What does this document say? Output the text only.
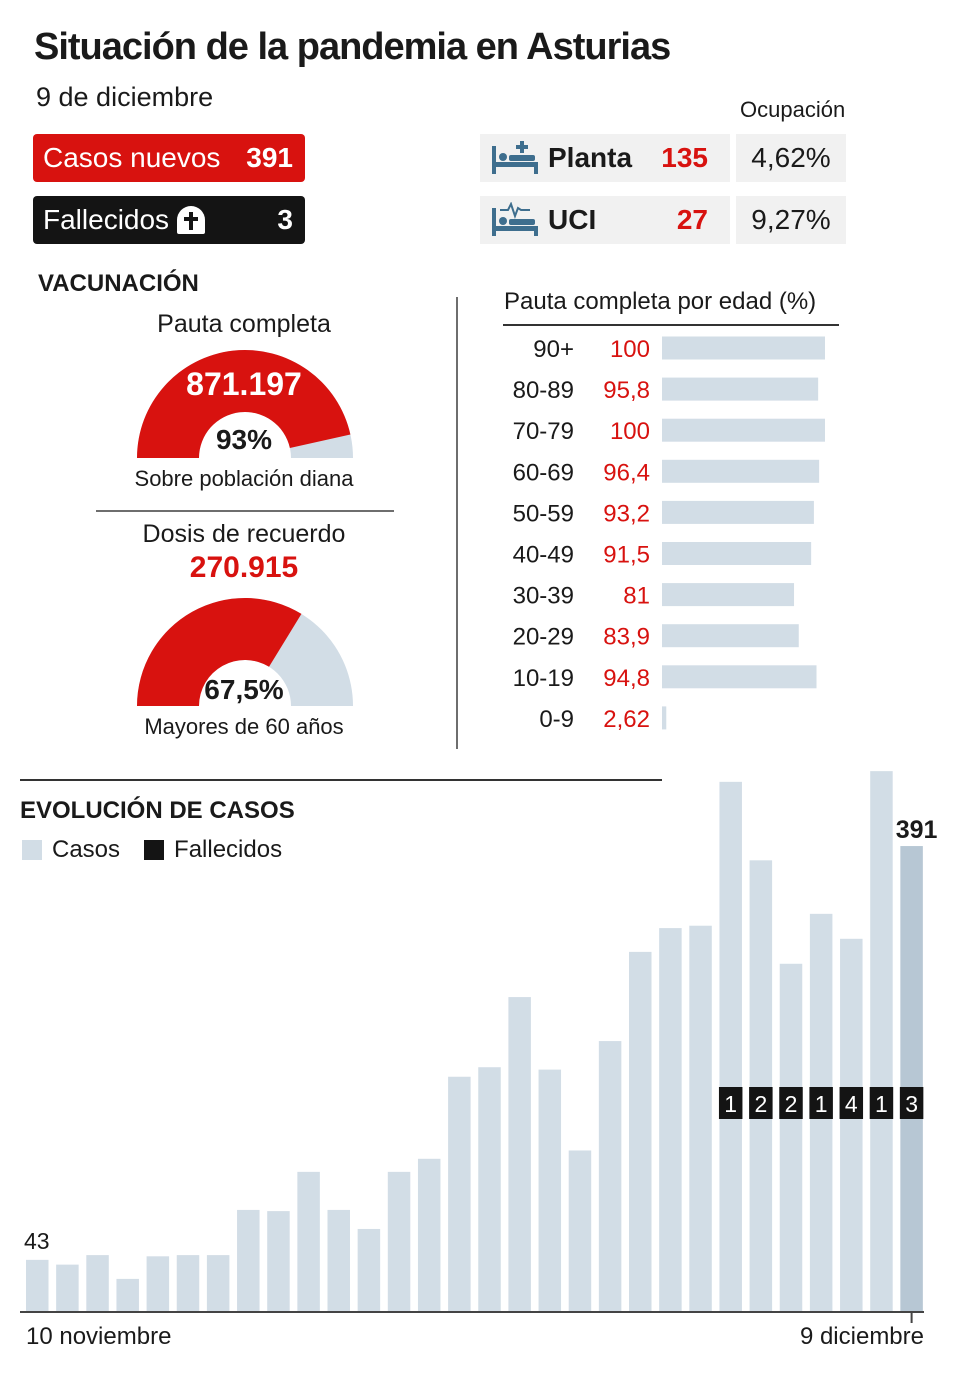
Situación de la pandemia en Asturias
9 de diciembre	Ocupación
Casos nuevos 391
Fallecidos	3
Planta 135	4,62%
UCI	27	9,27%
VACUNACIÓN
Pauta completa
871.197
93%
Sobre población diana
Dosis de recuerdo
270.915
67,5%
Mayores de 60 años
Pauta completa por edad (%)
90+ 100
80-89 95,8
70-79 100
60-69 96,4
50-59 93,2
40-49 91,5
30-39 81
20-29 83,9
10-19 94,8
0-9 2,62
EVOLUCIÓN DE CASOS
Casos Fallecidos
1 2 2 1 4 1 3
43
391
10 noviembre	9 diciembre
